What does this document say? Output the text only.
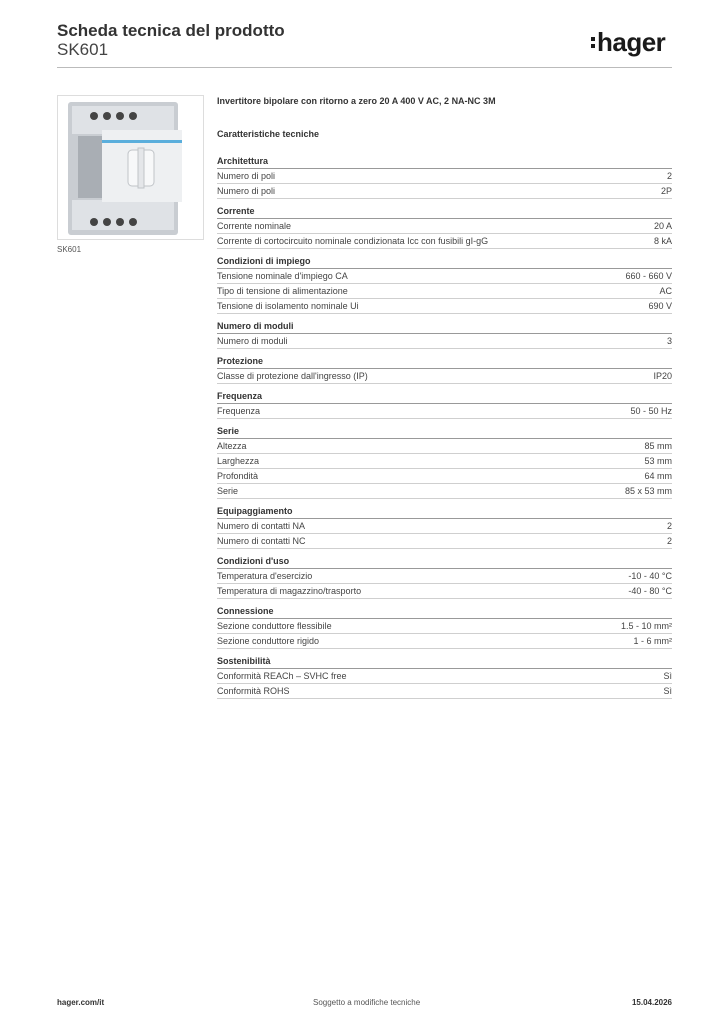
Scheda tecnica del prodotto
SK601	hager
SK601
Invertitore bipolare con ritorno a zero 20 A 400 V AC, 2 NA-NC 3M
Caratteristiche tecniche
Architettura
Numero di poli	2
Numero di poli	2P
Corrente
Corrente nominale	20 A
Corrente di cortocircuito nominale condizionata Icc con fusibili gI-gG	8 kA
Condizioni di impiego
Tensione nominale d'impiego CA	660 - 660 V
Tipo di tensione di alimentazione	AC
Tensione di isolamento nominale Ui	690 V
Numero di moduli
Numero di moduli	3
Protezione
Classe di protezione dall'ingresso (IP)	IP20
Frequenza
Frequenza	50 - 50 Hz
Serie
Altezza	85 mm
Larghezza	53 mm
Profondità	64 mm
Serie	85 x 53 mm
Equipaggiamento
Numero di contatti NA	2
Numero di contatti NC	2
Condizioni d'uso
Temperatura d'esercizio	-10 - 40 °C
Temperatura di magazzino/trasporto	-40 - 80 °C
Connessione
Sezione conduttore flessibile	1.5 - 10 mm²
Sezione conduttore rigido	1 - 6 mm²
Sostenibilità
Conformità REACh – SVHC free	Sì
Conformità ROHS	Sì
hager.com/it	Soggetto a modifiche tecniche	15.04.2026
